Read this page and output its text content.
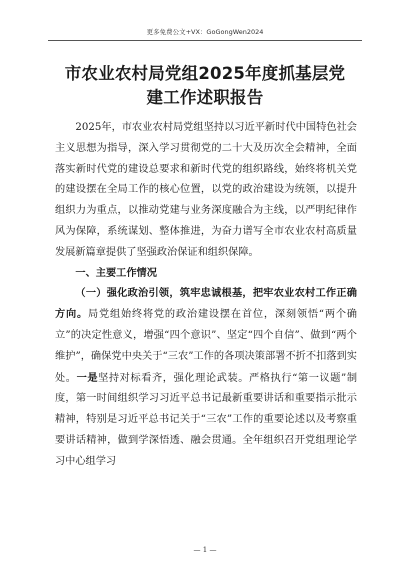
更多免费公文+VX：GoGongWen2024
市农业农村局党组2025年度抓基层党建工作述职报告

2025年，市农业农村局党组坚持以习近平新时代中国特色社会主义思想为指导，深入学习贯彻党的二十大及历次全会精神，全面落实新时代党的建设总要求和新时代党的组织路线，始终将机关党的建设摆在全局工作的核心位置，以党的政治建设为统领，以提升组织力为重点，以推动党建与业务深度融合为主线，以严明纪律作风为保障，系统谋划、整体推进，为奋力谱写全市农业农村高质量发展新篇章提供了坚强政治保证和组织保障。

一、主要工作情况

（一）强化政治引领，筑牢忠诚根基，把牢农业农村工作正确方向。局党组始终将党的政治建设摆在首位，深刻领悟“两个确立”的决定性意义，增强“四个意识”、坚定“四个自信”、做到“两个维护”，确保党中央关于“三农”工作的各项决策部署不折不扣落到实处。一是坚持对标看齐，强化理论武装。严格执行“第一议题”制度，第一时间组织学习习近平总书记最新重要讲话和重要指示批示精神，特别是习近平总书记关于“三农”工作的重要论述以及考察重要讲话精神，做到学深悟透、融会贯通。全年组织召开党组理论学习中心组学习

— 1 —
